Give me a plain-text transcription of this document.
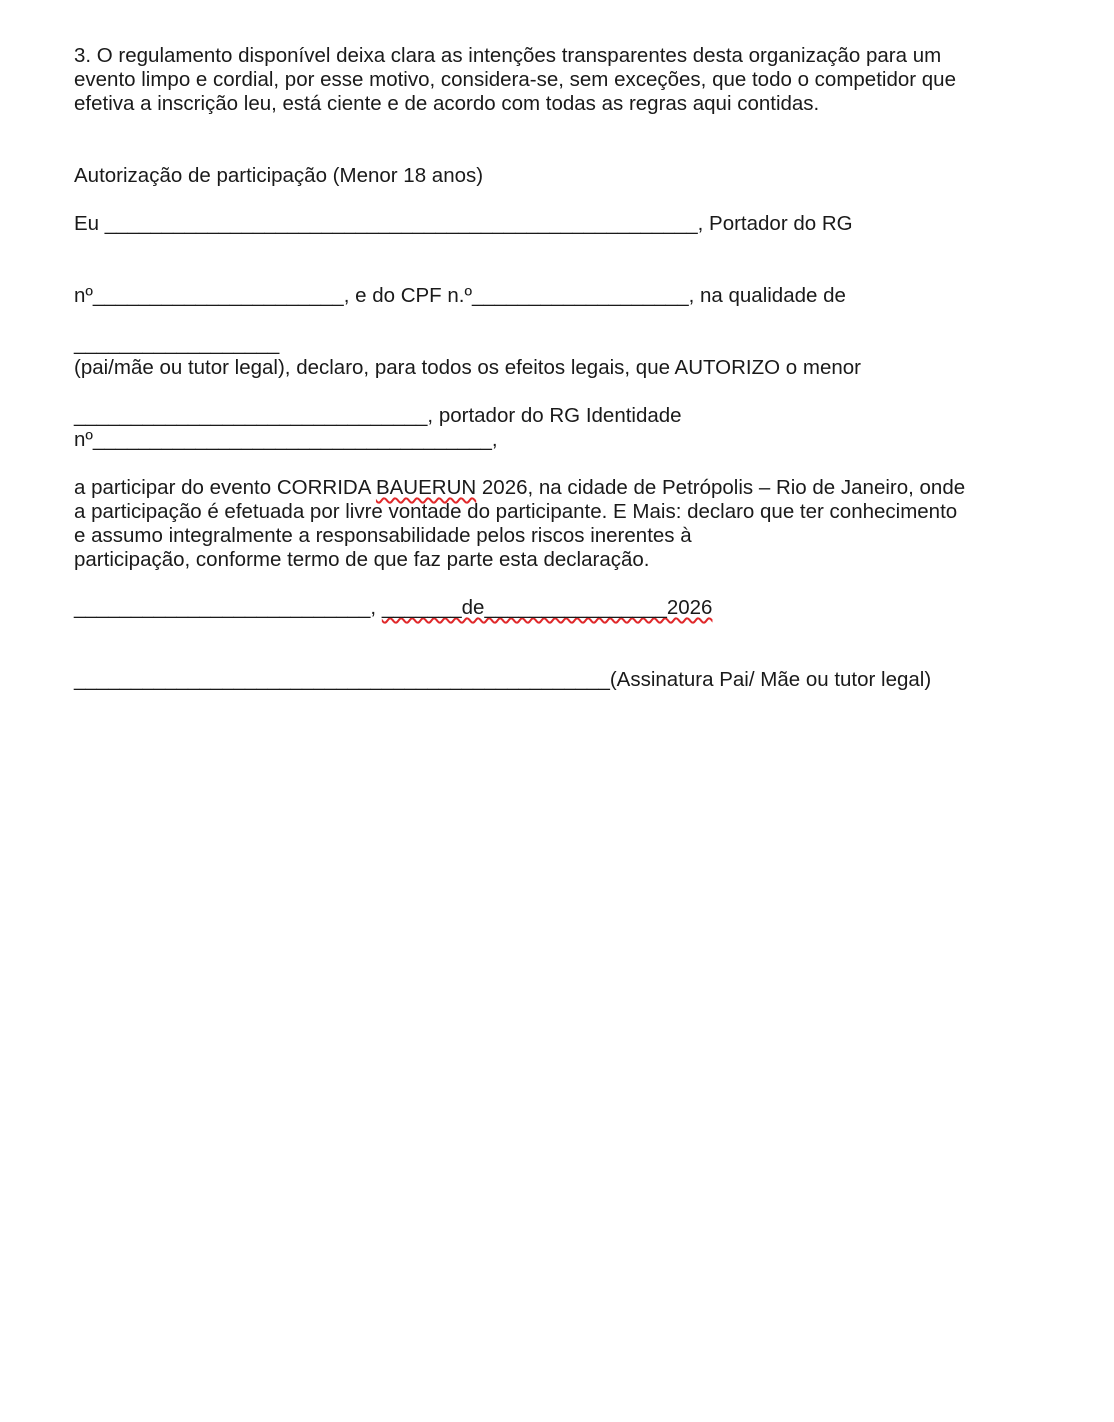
3. O regulamento disponível deixa clara as intenções transparentes desta organização para um
evento limpo e cordial, por esse motivo, considera-se, sem exceções, que todo o competidor que
efetiva a inscrição leu, está ciente e de acordo com todas as regras aqui contidas.
Autorização de participação (Menor 18 anos)
Eu ____________________________________________________, Portador do RG
nº______________________, e do CPF n.º___________________, na qualidade de
__________________
(pai/mãe ou tutor legal), declaro, para todos os efeitos legais, que AUTORIZO o menor
_______________________________, portador do RG Identidade
nº___________________________________,
a participar do evento CORRIDA BAUERUN 2026, na cidade de Petrópolis – Rio de Janeiro, onde
a participação é efetuada por livre vontade do participante. E Mais: declaro que ter conhecimento
e assumo integralmente a responsabilidade pelos riscos inerentes à
participação, conforme termo de que faz parte esta declaração.
__________________________, _______de________________2026
_______________________________________________(Assinatura Pai/ Mãe ou tutor legal)
